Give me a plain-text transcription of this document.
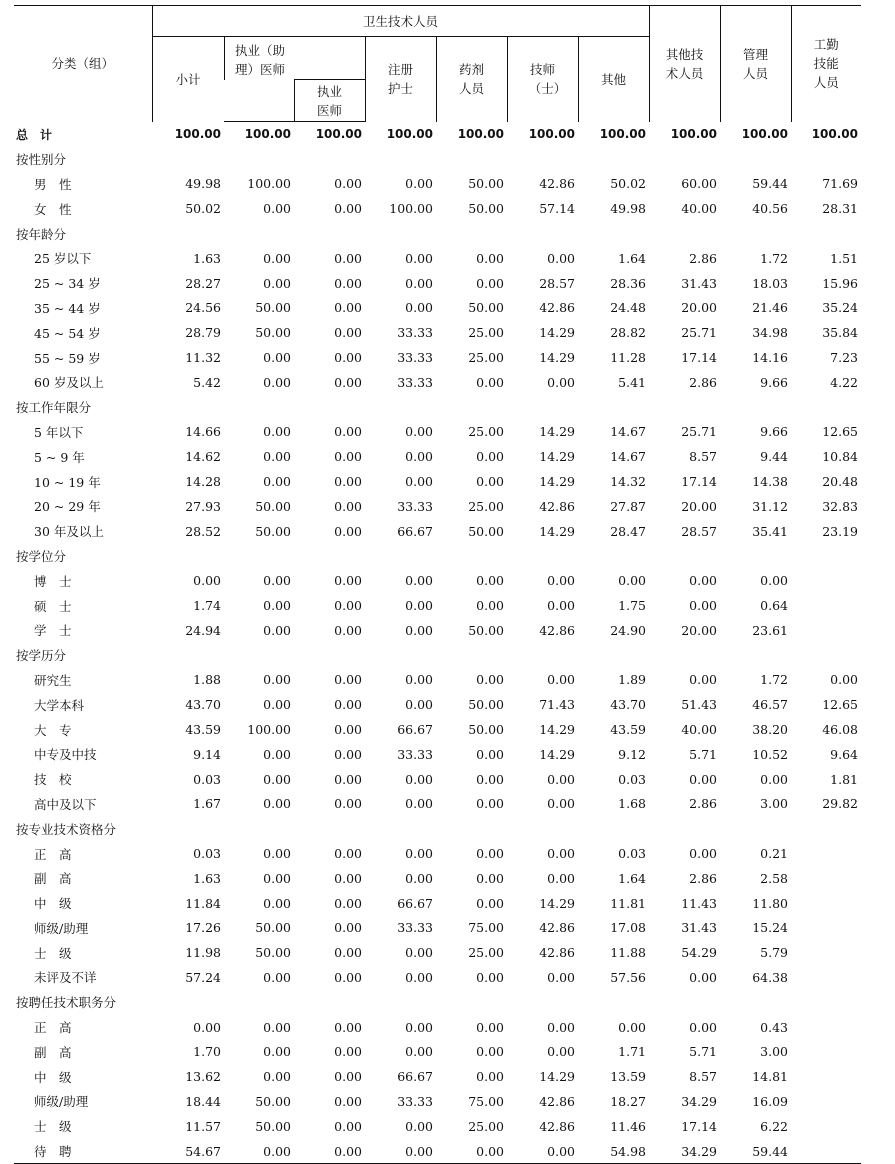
分类（组）	卫生技术人员							其他技术人员	管理人员	工勤技能人员

	小计	执业（助理）医师		注册护士	药剂人员	技师（士）	其他			

			执业医师							

总　计	100.00	100.00	100.00	100.00	100.00	100.00	100.00	100.00	100.00	100.00
按性别分										
男　性	49.98	100.00	0.00	0.00	50.00	42.86	50.02	60.00	59.44	71.69
女　性	50.02	0.00	0.00	100.00	50.00	57.14	49.98	40.00	40.56	28.31
按年龄分										
25 岁以下	1.63	0.00	0.00	0.00	0.00	0.00	1.64	2.86	1.72	1.51
25 ~ 34 岁	28.27	0.00	0.00	0.00	0.00	28.57	28.36	31.43	18.03	15.96
35 ~ 44 岁	24.56	50.00	0.00	0.00	50.00	42.86	24.48	20.00	21.46	35.24
45 ~ 54 岁	28.79	50.00	0.00	33.33	25.00	14.29	28.82	25.71	34.98	35.84
55 ~ 59 岁	11.32	0.00	0.00	33.33	25.00	14.29	11.28	17.14	14.16	7.23
60 岁及以上	5.42	0.00	0.00	33.33	0.00	0.00	5.41	2.86	9.66	4.22
按工作年限分										
5 年以下	14.66	0.00	0.00	0.00	25.00	14.29	14.67	25.71	9.66	12.65
5 ~ 9 年	14.62	0.00	0.00	0.00	0.00	14.29	14.67	8.57	9.44	10.84
10 ~ 19 年	14.28	0.00	0.00	0.00	0.00	14.29	14.32	17.14	14.38	20.48
20 ~ 29 年	27.93	50.00	0.00	33.33	25.00	42.86	27.87	20.00	31.12	32.83
30 年及以上	28.52	50.00	0.00	66.67	50.00	14.29	28.47	28.57	35.41	23.19
按学位分										
博　士	0.00	0.00	0.00	0.00	0.00	0.00	0.00	0.00	0.00	
硕　士	1.74	0.00	0.00	0.00	0.00	0.00	1.75	0.00	0.64	
学　士	24.94	0.00	0.00	0.00	50.00	42.86	24.90	20.00	23.61	
按学历分										
研究生	1.88	0.00	0.00	0.00	0.00	0.00	1.89	0.00	1.72	0.00
大学本科	43.70	0.00	0.00	0.00	50.00	71.43	43.70	51.43	46.57	12.65
大　专	43.59	100.00	0.00	66.67	50.00	14.29	43.59	40.00	38.20	46.08
中专及中技	9.14	0.00	0.00	33.33	0.00	14.29	9.12	5.71	10.52	9.64
技　校	0.03	0.00	0.00	0.00	0.00	0.00	0.03	0.00	0.00	1.81
高中及以下	1.67	0.00	0.00	0.00	0.00	0.00	1.68	2.86	3.00	29.82
按专业技术资格分										
正　高	0.03	0.00	0.00	0.00	0.00	0.00	0.03	0.00	0.21	
副　高	1.63	0.00	0.00	0.00	0.00	0.00	1.64	2.86	2.58	
中　级	11.84	0.00	0.00	66.67	0.00	14.29	11.81	11.43	11.80	
师级/助理	17.26	50.00	0.00	33.33	75.00	42.86	17.08	31.43	15.24	
士　级	11.98	50.00	0.00	0.00	25.00	42.86	11.88	54.29	5.79	
未评及不详	57.24	0.00	0.00	0.00	0.00	0.00	57.56	0.00	64.38	
按聘任技术职务分										
正　高	0.00	0.00	0.00	0.00	0.00	0.00	0.00	0.00	0.43	
副　高	1.70	0.00	0.00	0.00	0.00	0.00	1.71	5.71	3.00	
中　级	13.62	0.00	0.00	66.67	0.00	14.29	13.59	8.57	14.81	
师级/助理	18.44	50.00	0.00	33.33	75.00	42.86	18.27	34.29	16.09	
士　级	11.57	50.00	0.00	0.00	25.00	42.86	11.46	17.14	6.22	
待　聘	54.67	0.00	0.00	0.00	0.00	0.00	54.98	34.29	59.44	
